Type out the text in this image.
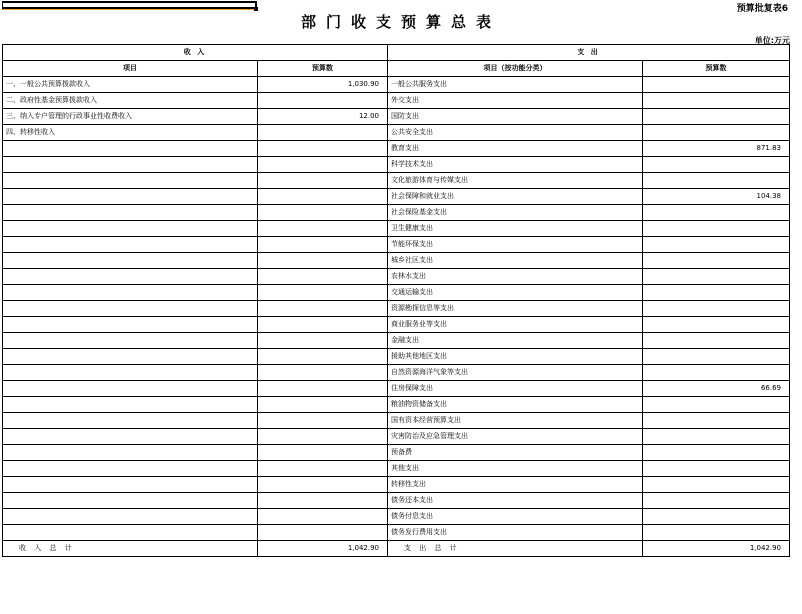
部门收支预算总表
预算批复表6
单位:万元
收 入		支 出	
项目	预算数	项目（按功能分类）	预算数
一、一般公共预算拨款收入	1,030.90	一般公共服务支出	
二、政府性基金预算拨款收入		外交支出	
三、纳入专户管理的行政事业性收费收入	12.00	国防支出	
四、转移性收入		公共安全支出	
		教育支出	871.83
		科学技术支出	
		文化旅游体育与传媒支出	
		社会保障和就业支出	104.38
		社会保险基金支出	
		卫生健康支出	
		节能环保支出	
		城乡社区支出	
		农林水支出	
		交通运输支出	
		资源勘探信息等支出	
		商业服务业等支出	
		金融支出	
		援助其他地区支出	
		自然资源海洋气象等支出	
		住房保障支出	66.69
		粮油物资储备支出	
		国有资本经营预算支出	
		灾害防治及应急管理支出	
		预备费	
		其他支出	
		转移性支出	
		债务还本支出	
		债务付息支出	
		债务发行费用支出	
收 入 总 计	1,042.90	支 出 总 计	1,042.90
